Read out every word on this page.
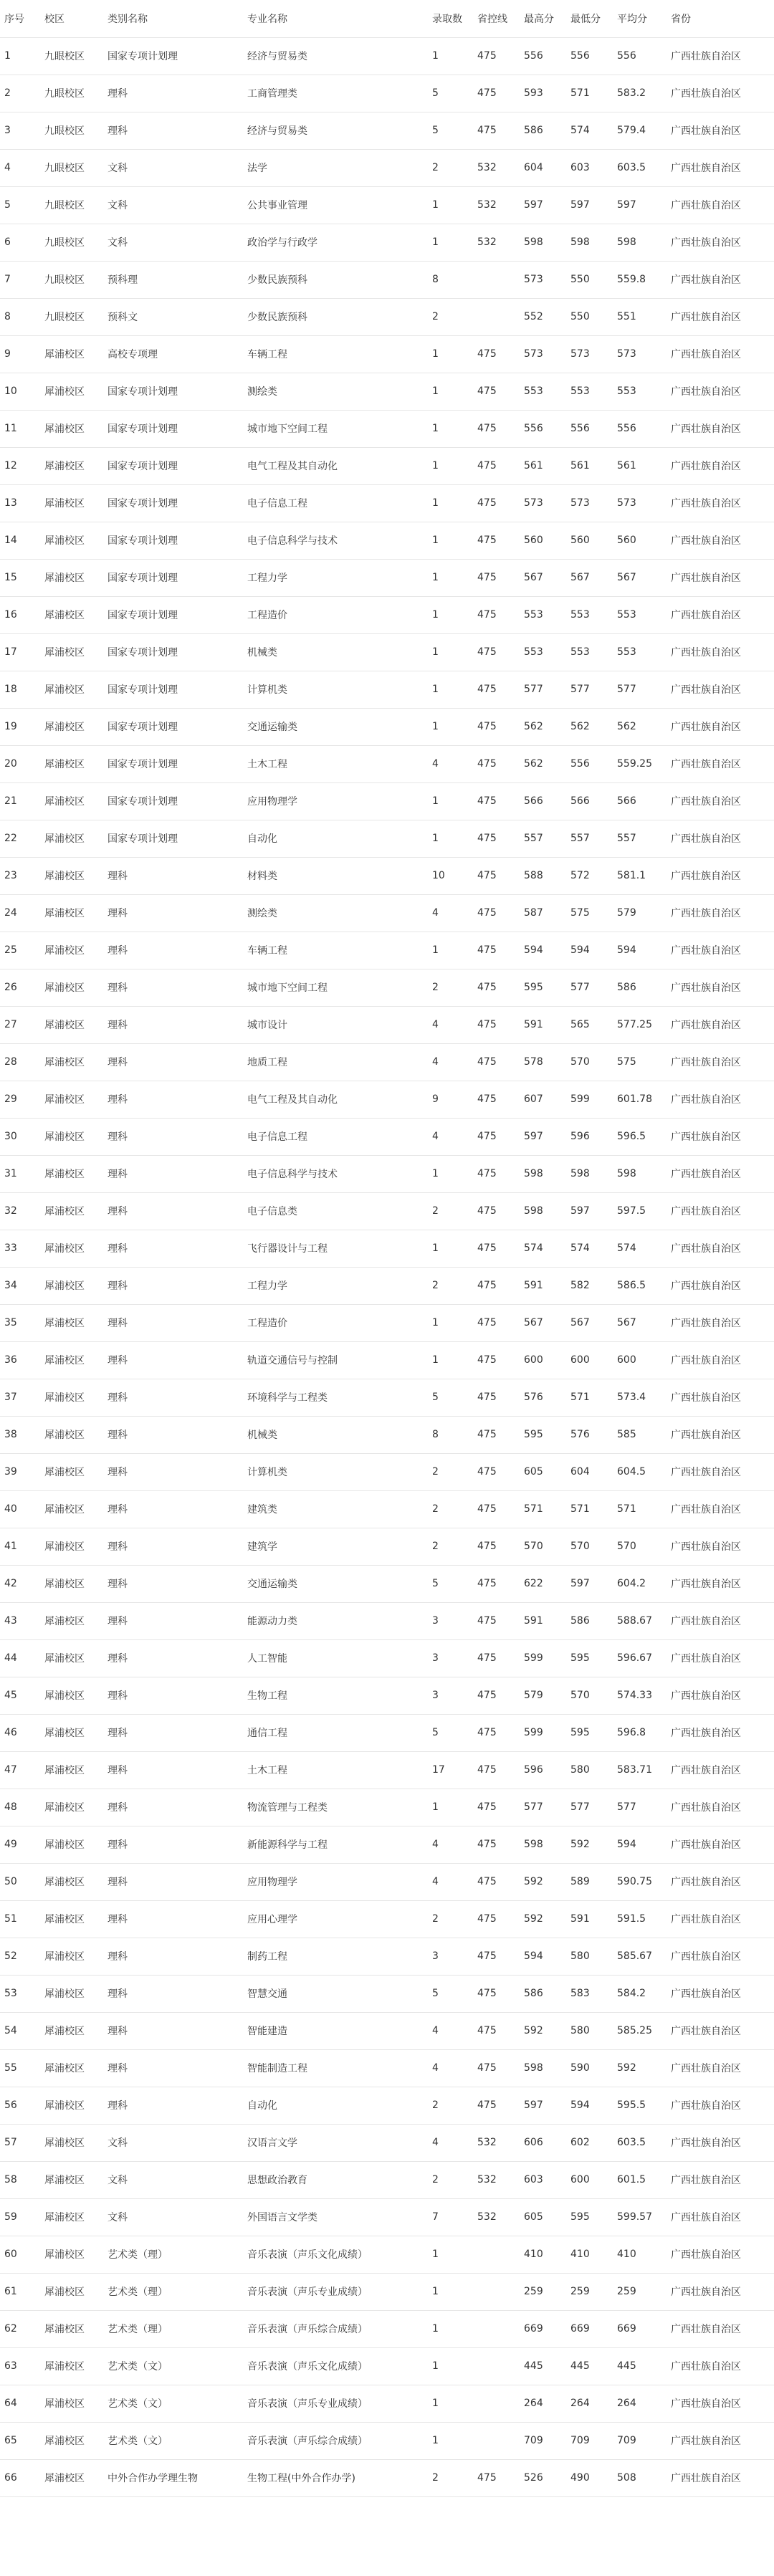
序号	校区	类别名称	专业名称	录取数	省控线	最高分	最低分	平均分	省份
1	九眼校区	国家专项计划理	经济与贸易类	1	475	556	556	556	广西壮族自治区
2	九眼校区	理科	工商管理类	5	475	593	571	583.2	广西壮族自治区
3	九眼校区	理科	经济与贸易类	5	475	586	574	579.4	广西壮族自治区
4	九眼校区	文科	法学	2	532	604	603	603.5	广西壮族自治区
5	九眼校区	文科	公共事业管理	1	532	597	597	597	广西壮族自治区
6	九眼校区	文科	政治学与行政学	1	532	598	598	598	广西壮族自治区
7	九眼校区	预科理	少数民族预科	8		573	550	559.8	广西壮族自治区
8	九眼校区	预科文	少数民族预科	2		552	550	551	广西壮族自治区
9	犀浦校区	高校专项理	车辆工程	1	475	573	573	573	广西壮族自治区
10	犀浦校区	国家专项计划理	测绘类	1	475	553	553	553	广西壮族自治区
11	犀浦校区	国家专项计划理	城市地下空间工程	1	475	556	556	556	广西壮族自治区
12	犀浦校区	国家专项计划理	电气工程及其自动化	1	475	561	561	561	广西壮族自治区
13	犀浦校区	国家专项计划理	电子信息工程	1	475	573	573	573	广西壮族自治区
14	犀浦校区	国家专项计划理	电子信息科学与技术	1	475	560	560	560	广西壮族自治区
15	犀浦校区	国家专项计划理	工程力学	1	475	567	567	567	广西壮族自治区
16	犀浦校区	国家专项计划理	工程造价	1	475	553	553	553	广西壮族自治区
17	犀浦校区	国家专项计划理	机械类	1	475	553	553	553	广西壮族自治区
18	犀浦校区	国家专项计划理	计算机类	1	475	577	577	577	广西壮族自治区
19	犀浦校区	国家专项计划理	交通运输类	1	475	562	562	562	广西壮族自治区
20	犀浦校区	国家专项计划理	土木工程	4	475	562	556	559.25	广西壮族自治区
21	犀浦校区	国家专项计划理	应用物理学	1	475	566	566	566	广西壮族自治区
22	犀浦校区	国家专项计划理	自动化	1	475	557	557	557	广西壮族自治区
23	犀浦校区	理科	材料类	10	475	588	572	581.1	广西壮族自治区
24	犀浦校区	理科	测绘类	4	475	587	575	579	广西壮族自治区
25	犀浦校区	理科	车辆工程	1	475	594	594	594	广西壮族自治区
26	犀浦校区	理科	城市地下空间工程	2	475	595	577	586	广西壮族自治区
27	犀浦校区	理科	城市设计	4	475	591	565	577.25	广西壮族自治区
28	犀浦校区	理科	地质工程	4	475	578	570	575	广西壮族自治区
29	犀浦校区	理科	电气工程及其自动化	9	475	607	599	601.78	广西壮族自治区
30	犀浦校区	理科	电子信息工程	4	475	597	596	596.5	广西壮族自治区
31	犀浦校区	理科	电子信息科学与技术	1	475	598	598	598	广西壮族自治区
32	犀浦校区	理科	电子信息类	2	475	598	597	597.5	广西壮族自治区
33	犀浦校区	理科	飞行器设计与工程	1	475	574	574	574	广西壮族自治区
34	犀浦校区	理科	工程力学	2	475	591	582	586.5	广西壮族自治区
35	犀浦校区	理科	工程造价	1	475	567	567	567	广西壮族自治区
36	犀浦校区	理科	轨道交通信号与控制	1	475	600	600	600	广西壮族自治区
37	犀浦校区	理科	环境科学与工程类	5	475	576	571	573.4	广西壮族自治区
38	犀浦校区	理科	机械类	8	475	595	576	585	广西壮族自治区
39	犀浦校区	理科	计算机类	2	475	605	604	604.5	广西壮族自治区
40	犀浦校区	理科	建筑类	2	475	571	571	571	广西壮族自治区
41	犀浦校区	理科	建筑学	2	475	570	570	570	广西壮族自治区
42	犀浦校区	理科	交通运输类	5	475	622	597	604.2	广西壮族自治区
43	犀浦校区	理科	能源动力类	3	475	591	586	588.67	广西壮族自治区
44	犀浦校区	理科	人工智能	3	475	599	595	596.67	广西壮族自治区
45	犀浦校区	理科	生物工程	3	475	579	570	574.33	广西壮族自治区
46	犀浦校区	理科	通信工程	5	475	599	595	596.8	广西壮族自治区
47	犀浦校区	理科	土木工程	17	475	596	580	583.71	广西壮族自治区
48	犀浦校区	理科	物流管理与工程类	1	475	577	577	577	广西壮族自治区
49	犀浦校区	理科	新能源科学与工程	4	475	598	592	594	广西壮族自治区
50	犀浦校区	理科	应用物理学	4	475	592	589	590.75	广西壮族自治区
51	犀浦校区	理科	应用心理学	2	475	592	591	591.5	广西壮族自治区
52	犀浦校区	理科	制药工程	3	475	594	580	585.67	广西壮族自治区
53	犀浦校区	理科	智慧交通	5	475	586	583	584.2	广西壮族自治区
54	犀浦校区	理科	智能建造	4	475	592	580	585.25	广西壮族自治区
55	犀浦校区	理科	智能制造工程	4	475	598	590	592	广西壮族自治区
56	犀浦校区	理科	自动化	2	475	597	594	595.5	广西壮族自治区
57	犀浦校区	文科	汉语言文学	4	532	606	602	603.5	广西壮族自治区
58	犀浦校区	文科	思想政治教育	2	532	603	600	601.5	广西壮族自治区
59	犀浦校区	文科	外国语言文学类	7	532	605	595	599.57	广西壮族自治区
60	犀浦校区	艺术类（理）	音乐表演（声乐文化成绩）	1		410	410	410	广西壮族自治区
61	犀浦校区	艺术类（理）	音乐表演（声乐专业成绩）	1		259	259	259	广西壮族自治区
62	犀浦校区	艺术类（理）	音乐表演（声乐综合成绩）	1		669	669	669	广西壮族自治区
63	犀浦校区	艺术类（文）	音乐表演（声乐文化成绩）	1		445	445	445	广西壮族自治区
64	犀浦校区	艺术类（文）	音乐表演（声乐专业成绩）	1		264	264	264	广西壮族自治区
65	犀浦校区	艺术类（文）	音乐表演（声乐综合成绩）	1		709	709	709	广西壮族自治区
66	犀浦校区	中外合作办学理生物	生物工程(中外合作办学)	2	475	526	490	508	广西壮族自治区
